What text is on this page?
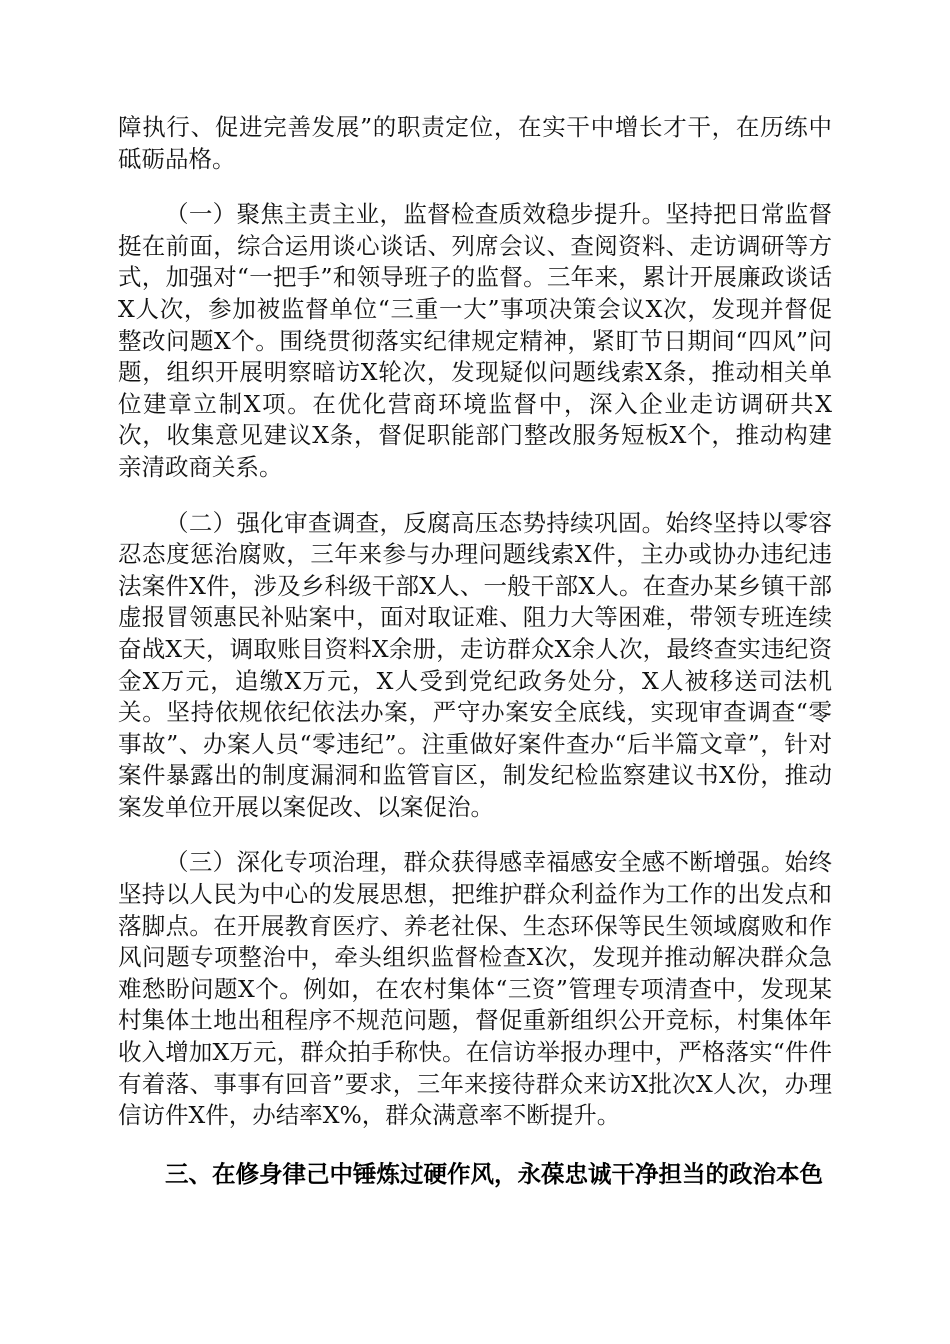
障执行、促进完善发展”的职责定位，在实干中增长才干，在历练中砥砺品格。

（一）聚焦主责主业，监督检查质效稳步提升。坚持把日常监督挺在前面，综合运用谈心谈话、列席会议、查阅资料、走访调研等方式，加强对“一把手”和领导班子的监督。三年来，累计开展廉政谈话X人次，参加被监督单位“三重一大”事项决策会议X次，发现并督促整改问题X个。围绕贯彻落实纪律规定精神，紧盯节日期间“四风”问题，组织开展明察暗访X轮次，发现疑似问题线索X条，推动相关单位建章立制X项。在优化营商环境监督中，深入企业走访调研共X次，收集意见建议X条，督促职能部门整改服务短板X个，推动构建亲清政商关系。

（二）强化审查调查，反腐高压态势持续巩固。始终坚持以零容忍态度惩治腐败，三年来参与办理问题线索X件，主办或协办违纪违法案件X件，涉及乡科级干部X人、一般干部X人。在查办某乡镇干部虚报冒领惠民补贴案中，面对取证难、阻力大等困难，带领专班连续奋战X天，调取账目资料X余册，走访群众X余人次，最终查实违纪资金X万元，追缴X万元，X人受到党纪政务处分，X人被移送司法机关。坚持依规依纪依法办案，严守办案安全底线，实现审查调查“零事故”、办案人员“零违纪”。注重做好案件查办“后半篇文章”，针对案件暴露出的制度漏洞和监管盲区，制发纪检监察建议书X份，推动案发单位开展以案促改、以案促治。

（三）深化专项治理，群众获得感幸福感安全感不断增强。始终坚持以人民为中心的发展思想，把维护群众利益作为工作的出发点和落脚点。在开展教育医疗、养老社保、生态环保等民生领域腐败和作风问题专项整治中，牵头组织监督检查X次，发现并推动解决群众急难愁盼问题X个。例如，在农村集体“三资”管理专项清查中，发现某村集体土地出租程序不规范问题，督促重新组织公开竞标，村集体年收入增加X万元，群众拍手称快。在信访举报办理中，严格落实“件件有着落、事事有回音”要求，三年来接待群众来访X批次X人次，办理信访件X件，办结率X%，群众满意率不断提升。

三、在修身律己中锤炼过硬作风，永葆忠诚干净担当的政治本色
